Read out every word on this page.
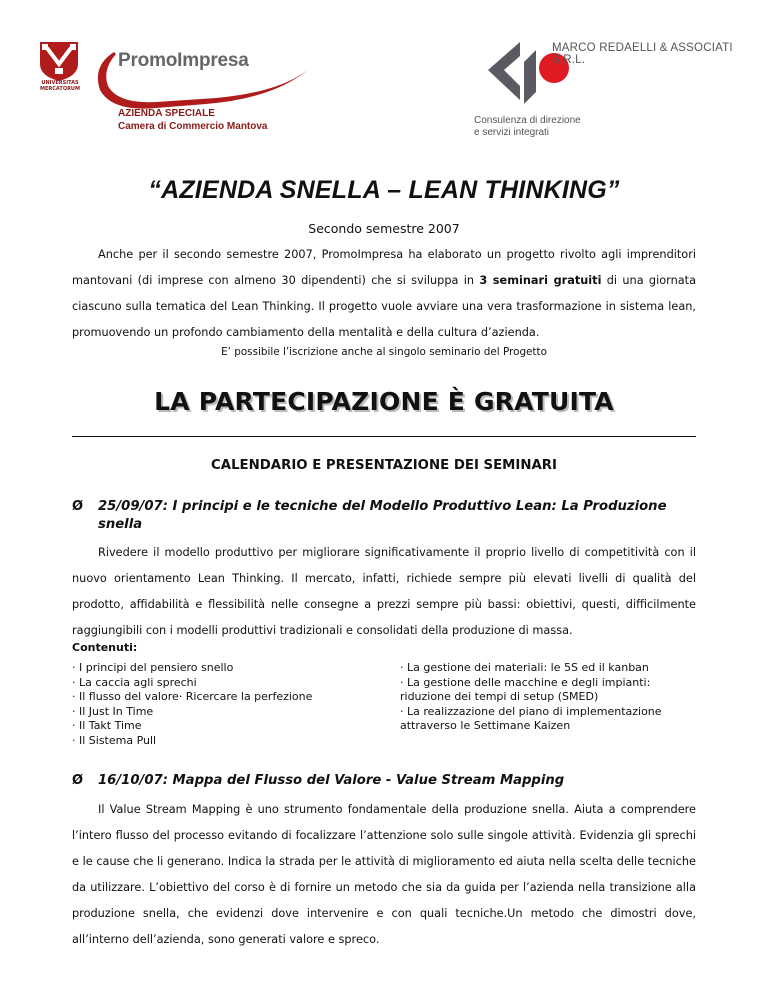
UNIVERSITAS MERCATORUM
PromoImpresa
AZIENDA SPECIALE
Camera di Commercio Mantova
MARCO REDAELLI & ASSOCIATI S.R.L.
Consulenza di direzione
e servizi integrati
“AZIENDA SNELLA – LEAN THINKING”
Secondo semestre 2007
Anche per il secondo semestre 2007, PromoImpresa ha elaborato un progetto rivolto agli imprenditori mantovani (di imprese con almeno 30 dipendenti) che si sviluppa in 3 seminari gratuiti di una giornata ciascuno sulla tematica del Lean Thinking. Il progetto vuole avviare una vera trasformazione in sistema lean, promuovendo un profondo cambiamento della mentalità e della cultura d’azienda.
E’ possibile l’iscrizione anche al singolo seminario del Progetto
LA PARTECIPAZIONE È GRATUITA
CALENDARIO E PRESENTAZIONE DEI SEMINARI
Ø	25/09/07: I principi e le tecniche del Modello Produttivo Lean: La Produzione snella
Rivedere il modello produttivo per migliorare significativamente il proprio livello di competitività con il nuovo orientamento Lean Thinking. Il mercato, infatti, richiede sempre più elevati livelli di qualità del prodotto, affidabilità e flessibilità nelle consegne a prezzi sempre più bassi: obiettivi, questi, difficilmente raggiungibili con i modelli produttivi tradizionali e consolidati della produzione di massa.
Contenuti:
· I principi del pensiero snello
· La caccia agli sprechi
· Il flusso del valore· Ricercare la perfezione
· Il Just In Time
· Il Takt Time
· Il Sistema Pull
· La gestione dei materiali: le 5S ed il kanban
· La gestione delle macchine e degli impianti:
riduzione dei tempi di setup (SMED)
· La realizzazione del piano di implementazione
attraverso le Settimane Kaizen
Ø	16/10/07: Mappa del Flusso del Valore - Value Stream Mapping
Il Value Stream Mapping è uno strumento fondamentale della produzione snella. Aiuta a comprendere l’intero flusso del processo evitando di focalizzare l’attenzione solo sulle singole attività. Evidenzia gli sprechi e le cause che li generano. Indica la strada per le attività di miglioramento ed aiuta nella scelta delle tecniche da utilizzare. L’obiettivo del corso è di fornire un metodo che sia da guida per l’azienda nella transizione alla produzione snella, che evidenzi dove intervenire e con quali tecniche.Un metodo che dimostri dove, all’interno dell’azienda, sono generati valore e spreco.
